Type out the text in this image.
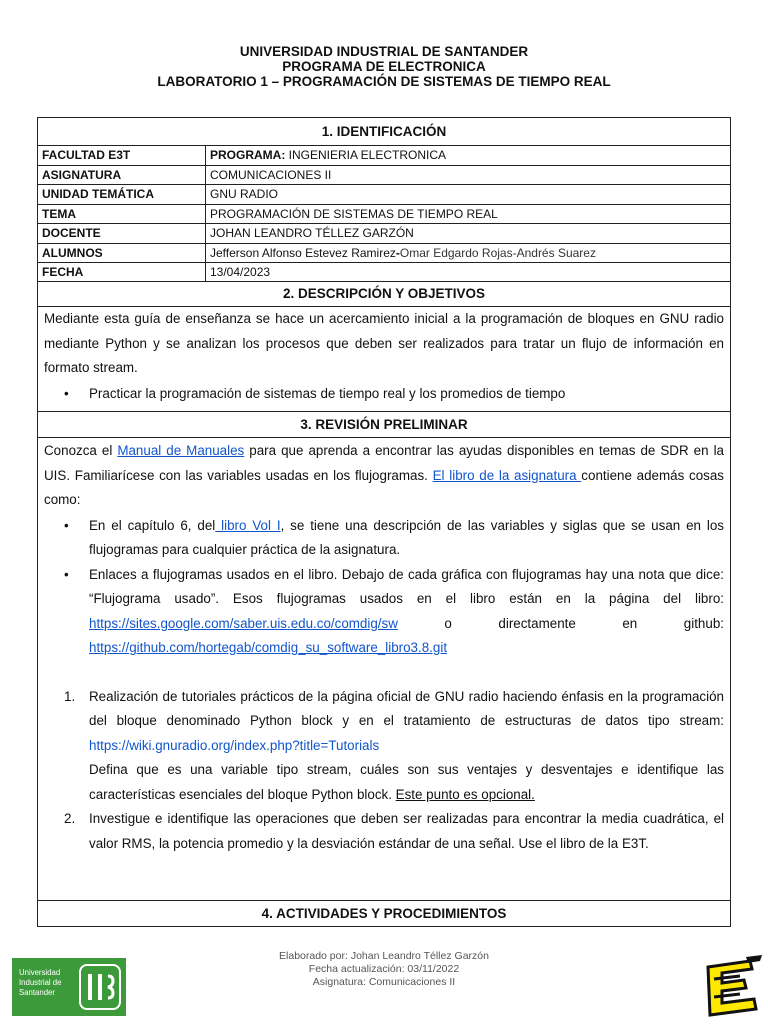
UNIVERSIDAD INDUSTRIAL DE SANTANDER
PROGRAMA DE ELECTRONICA
LABORATORIO 1 – PROGRAMACIÓN DE SISTEMAS DE TIEMPO REAL
1. IDENTIFICACIÓN
FACULTAD E3T	PROGRAMA: INGENIERIA ELECTRONICA
ASIGNATURA	COMUNICACIONES II
UNIDAD TEMÁTICA	GNU RADIO
TEMA	PROGRAMACIÓN DE SISTEMAS DE TIEMPO REAL
DOCENTE	JOHAN LEANDRO TÉLLEZ GARZÓN
ALUMNOS	Jefferson Alfonso Estevez Ramirez-Omar Edgardo Rojas-Andrés Suarez
FECHA	13/04/2023
2. DESCRIPCIÓN Y OBJETIVOS
Mediante esta guía de enseñanza se hace un acercamiento inicial a la programación de bloques en GNU radio mediante Python y se analizan los procesos que deben ser realizados para tratar un flujo de información en formato stream.
• Practicar la programación de sistemas de tiempo real y los promedios de tiempo
3. REVISIÓN PRELIMINAR
Conozca el Manual de Manuales para que aprenda a encontrar las ayudas disponibles en temas de SDR en la UIS. Familiarícese con las variables usadas en los flujogramas. El libro de la asignatura contiene además cosas como:
• En el capítulo 6, del libro Vol I, se tiene una descripción de las variables y siglas que se usan en los flujogramas para cualquier práctica de la asignatura.
• Enlaces a flujogramas usados en el libro. Debajo de cada gráfica con flujogramas hay una nota que dice: “Flujograma usado”. Esos flujogramas usados en el libro están en la página del libro: https://sites.google.com/saber.uis.edu.co/comdig/sw o directamente en github: https://github.com/hortegab/comdig_su_software_libro3.8.git
1. Realización de tutoriales prácticos de la página oficial de GNU radio haciendo énfasis en la programación del bloque denominado Python block y en el tratamiento de estructuras de datos tipo stream: https://wiki.gnuradio.org/index.php?title=Tutorials
Defina que es una variable tipo stream, cuáles son sus ventajes y desventajes e identifique las características esenciales del bloque Python block. Este punto es opcional.
2. Investigue e identifique las operaciones que deben ser realizadas para encontrar la media cuadrática, el valor RMS, la potencia promedio y la desviación estándar de una señal. Use el libro de la E3T.
4. ACTIVIDADES Y PROCEDIMIENTOS
Elaborado por: Johan Leandro Téllez Garzón
Fecha actualización: 03/11/2022
Asignatura: Comunicaciones II
Universidad
Industrial de
Santander
